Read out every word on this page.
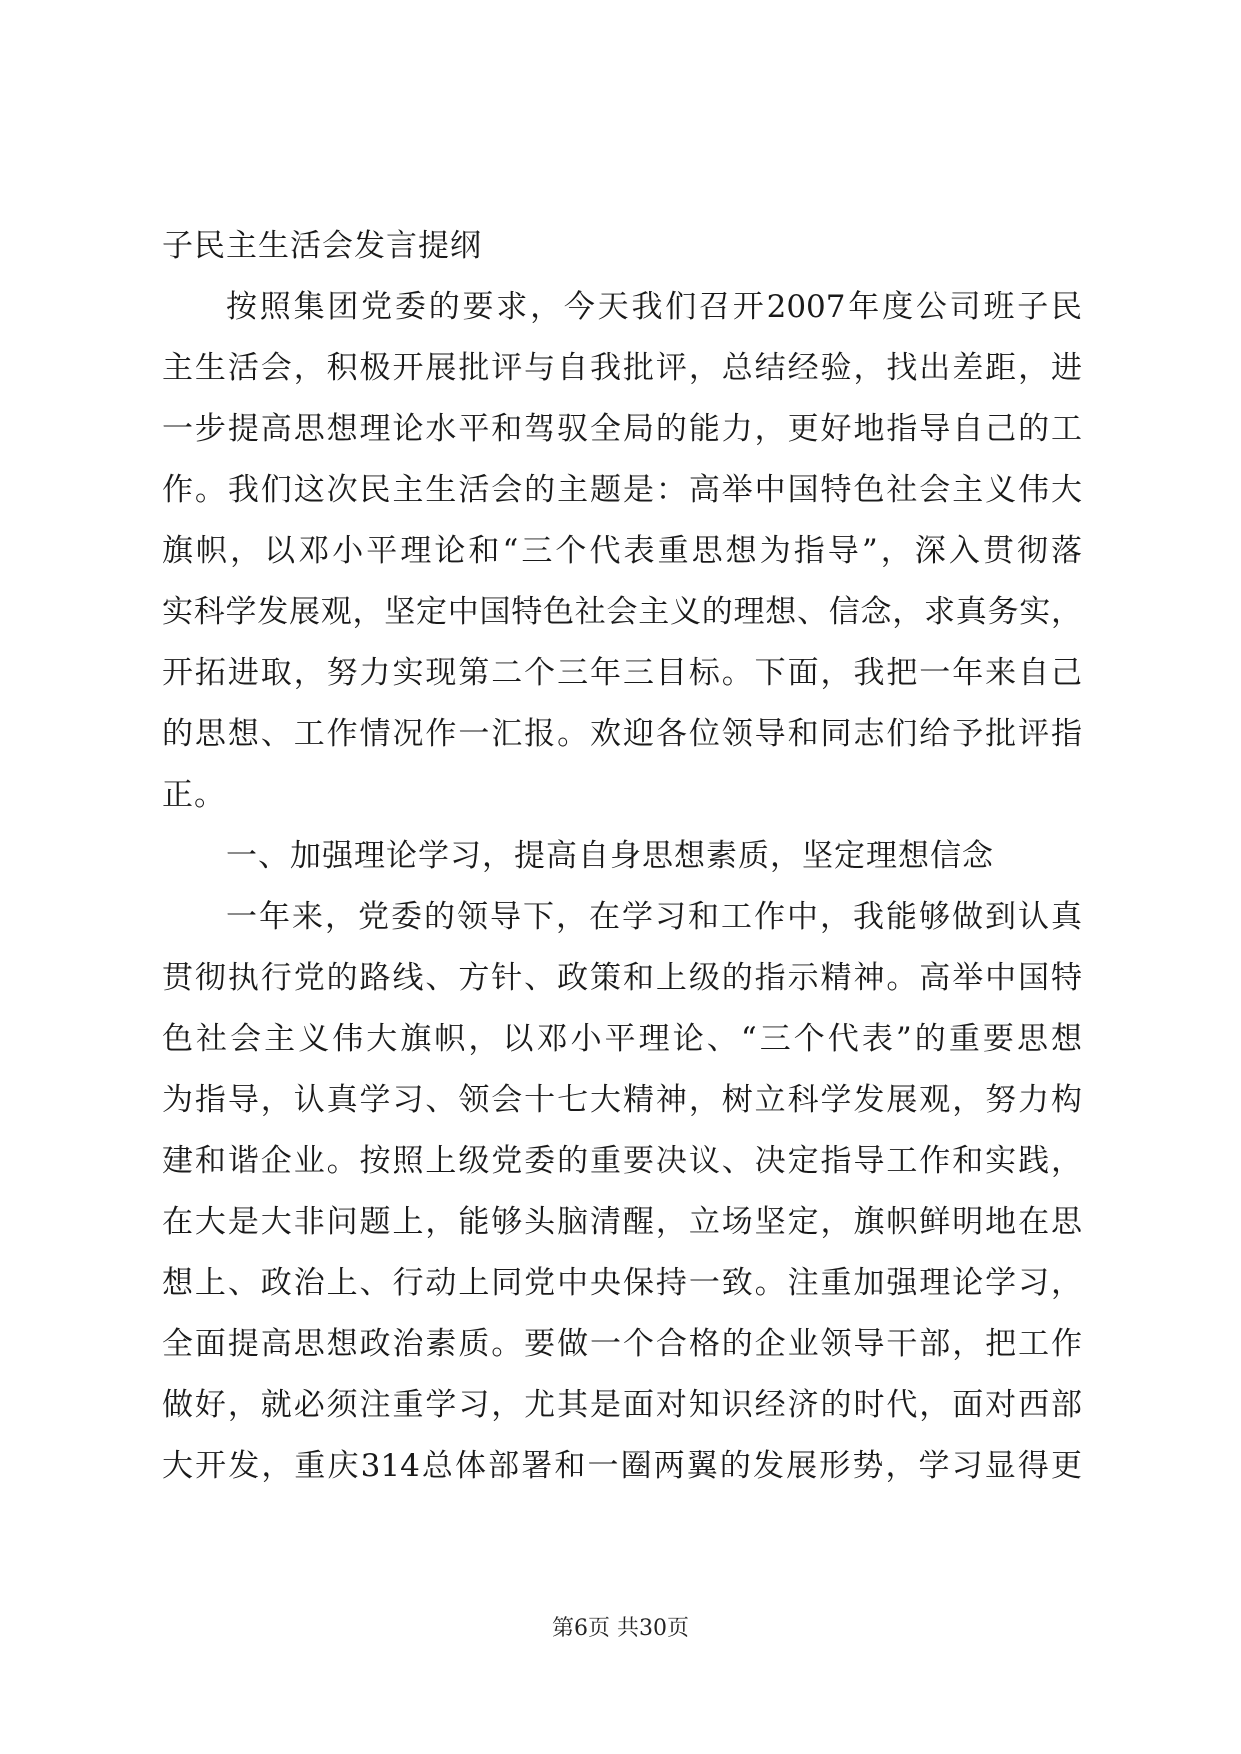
子民主生活会发言提纲
按照集团党委的要求，今天我们召开2007年度公司班子民
主生活会，积极开展批评与自我批评，总结经验，找出差距，进
一步提高思想理论水平和驾驭全局的能力，更好地指导自己的工
作。我们这次民主生活会的主题是：高举中国特色社会主义伟大
旗帜，以邓小平理论和“三个代表重思想为指导”，深入贯彻落
实科学发展观，坚定中国特色社会主义的理想、信念，求真务实，
开拓进取，努力实现第二个三年三目标。下面，我把一年来自己
的思想、工作情况作一汇报。欢迎各位领导和同志们给予批评指
正。
一、加强理论学习，提高自身思想素质，坚定理想信念
一年来，党委的领导下，在学习和工作中，我能够做到认真
贯彻执行党的路线、方针、政策和上级的指示精神。高举中国特
色社会主义伟大旗帜，以邓小平理论、“三个代表”的重要思想
为指导，认真学习、领会十七大精神，树立科学发展观，努力构
建和谐企业。按照上级党委的重要决议、决定指导工作和实践，
在大是大非问题上，能够头脑清醒，立场坚定，旗帜鲜明地在思
想上、政治上、行动上同党中央保持一致。注重加强理论学习，
全面提高思想政治素质。要做一个合格的企业领导干部，把工作
做好，就必须注重学习，尤其是面对知识经济的时代，面对西部
大开发，重庆314总体部署和一圈两翼的发展形势，学习显得更
第6页 共30页
